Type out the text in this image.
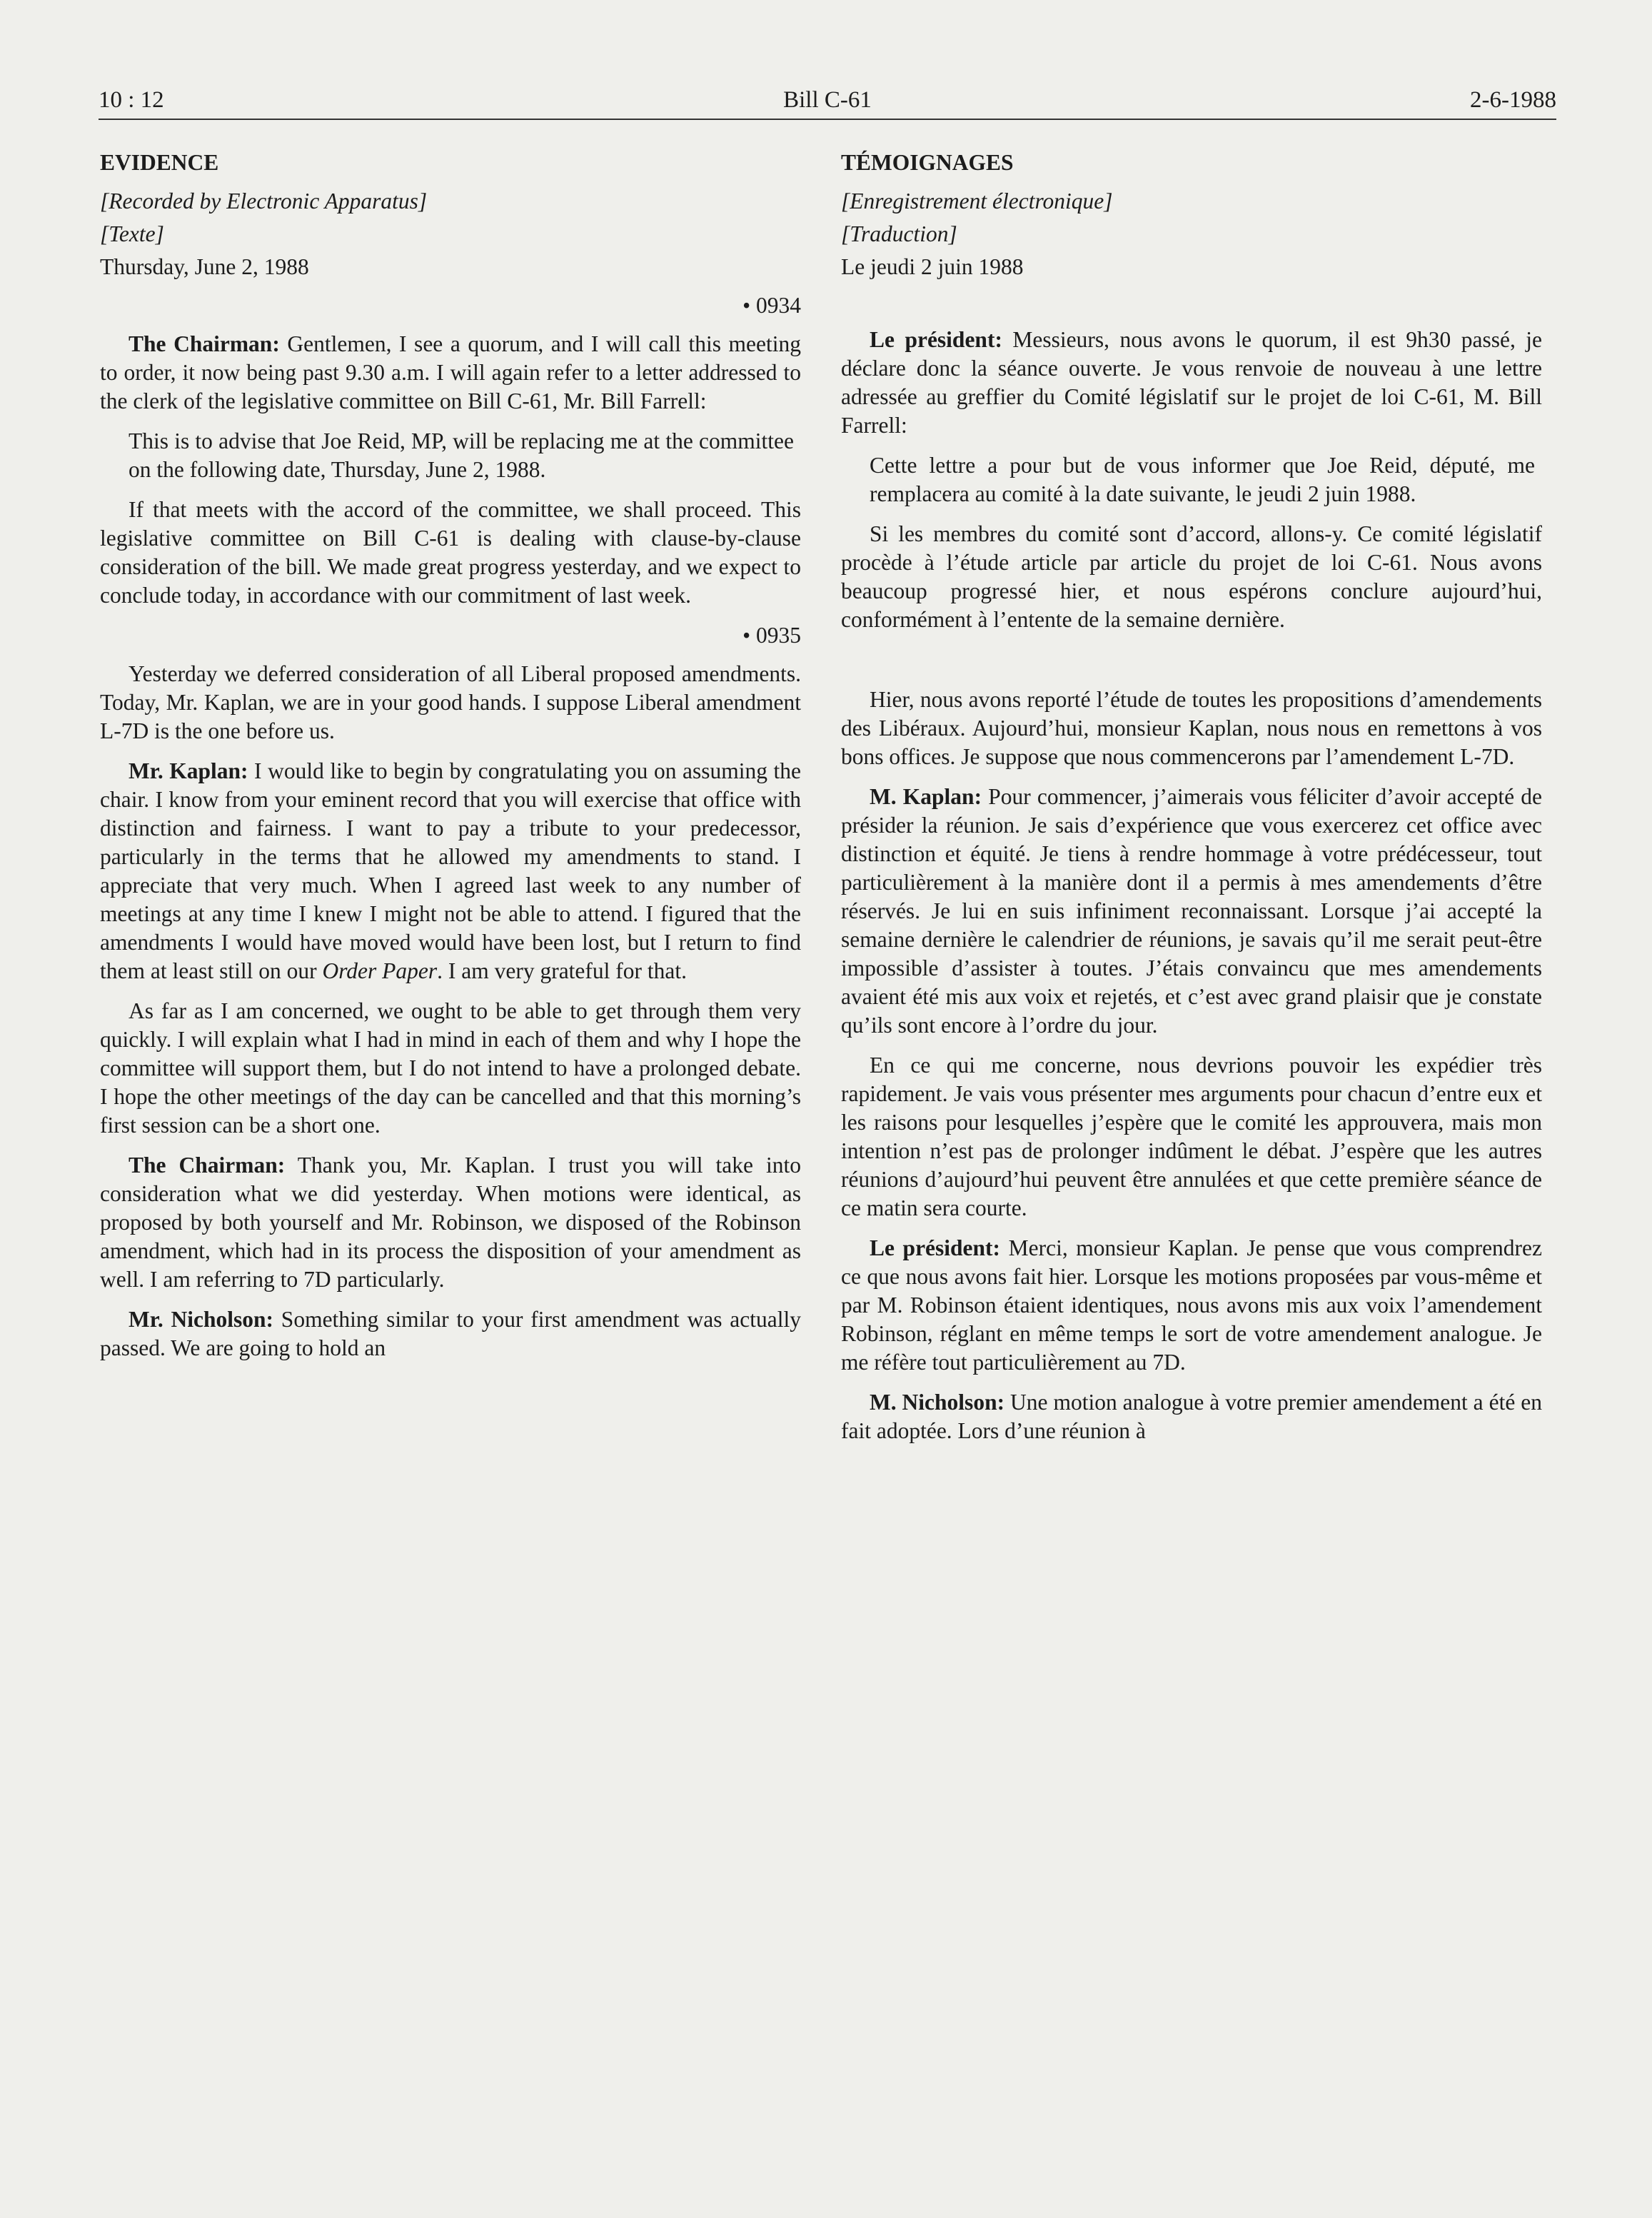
10 : 12	Bill C-61	2-6-1988
EVIDENCE
[Recorded by Electronic Apparatus]
[Texte]
Thursday, June 2, 1988
• 0934

The Chairman: Gentlemen, I see a quorum, and I will call this meeting to order, it now being past 9.30 a.m. I will again refer to a letter addressed to the clerk of the legislative committee on Bill C-61, Mr. Bill Farrell:

This is to advise that Joe Reid, MP, will be replacing me at the committee on the following date, Thursday, June 2, 1988.

If that meets with the accord of the committee, we shall proceed. This legislative committee on Bill C-61 is dealing with clause-by-clause consideration of the bill. We made great progress yesterday, and we expect to conclude today, in accordance with our commitment of last week.

• 0935

Yesterday we deferred consideration of all Liberal proposed amendments. Today, Mr. Kaplan, we are in your good hands. I suppose Liberal amendment L-7D is the one before us.

Mr. Kaplan: I would like to begin by congratulating you on assuming the chair. I know from your eminent record that you will exercise that office with distinction and fairness. I want to pay a tribute to your predecessor, particularly in the terms that he allowed my amendments to stand. I appreciate that very much. When I agreed last week to any number of meetings at any time I knew I might not be able to attend. I figured that the amendments I would have moved would have been lost, but I return to find them at least still on our Order Paper. I am very grateful for that.

As far as I am concerned, we ought to be able to get through them very quickly. I will explain what I had in mind in each of them and why I hope the committee will support them, but I do not intend to have a prolonged debate. I hope the other meetings of the day can be cancelled and that this morning’s first session can be a short one.

The Chairman: Thank you, Mr. Kaplan. I trust you will take into consideration what we did yesterday. When motions were identical, as proposed by both yourself and Mr. Robinson, we disposed of the Robinson amendment, which had in its process the disposition of your amendment as well. I am referring to 7D particularly.

Mr. Nicholson: Something similar to your first amendment was actually passed. We are going to hold an

TÉMOIGNAGES
[Enregistrement électronique]
[Traduction]
Le jeudi 2 juin 1988

Le président: Messieurs, nous avons le quorum, il est 9h30 passé, je déclare donc la séance ouverte. Je vous renvoie de nouveau à une lettre adressée au greffier du Comité législatif sur le projet de loi C-61, M. Bill Farrell:

Cette lettre a pour but de vous informer que Joe Reid, député, me remplacera au comité à la date suivante, le jeudi 2 juin 1988.

Si les membres du comité sont d’accord, allons-y. Ce comité législatif procède à l’étude article par article du projet de loi C-61. Nous avons beaucoup progressé hier, et nous espérons conclure aujourd’hui, conformément à l’entente de la semaine dernière.

Hier, nous avons reporté l’étude de toutes les propositions d’amendements des Libéraux. Aujourd’hui, monsieur Kaplan, nous nous en remettons à vos bons offices. Je suppose que nous commencerons par l’amendement L-7D.

M. Kaplan: Pour commencer, j’aimerais vous féliciter d’avoir accepté de présider la réunion. Je sais d’expérience que vous exercerez cet office avec distinction et équité. Je tiens à rendre hommage à votre prédécesseur, tout particulièrement à la manière dont il a permis à mes amendements d’être réservés. Je lui en suis infiniment reconnaissant. Lorsque j’ai accepté la semaine dernière le calendrier de réunions, je savais qu’il me serait peut-être impossible d’assister à toutes. J’étais convaincu que mes amendements avaient été mis aux voix et rejetés, et c’est avec grand plaisir que je constate qu’ils sont encore à l’ordre du jour.

En ce qui me concerne, nous devrions pouvoir les expédier très rapidement. Je vais vous présenter mes arguments pour chacun d’entre eux et les raisons pour lesquelles j’espère que le comité les approuvera, mais mon intention n’est pas de prolonger indûment le débat. J’espère que les autres réunions d’aujourd’hui peuvent être annulées et que cette première séance de ce matin sera courte.

Le président: Merci, monsieur Kaplan. Je pense que vous comprendrez ce que nous avons fait hier. Lorsque les motions proposées par vous-même et par M. Robinson étaient identiques, nous avons mis aux voix l’amendement Robinson, réglant en même temps le sort de votre amendement analogue. Je me réfère tout particulièrement au 7D.

M. Nicholson: Une motion analogue à votre premier amendement a été en fait adoptée. Lors d’une réunion à
